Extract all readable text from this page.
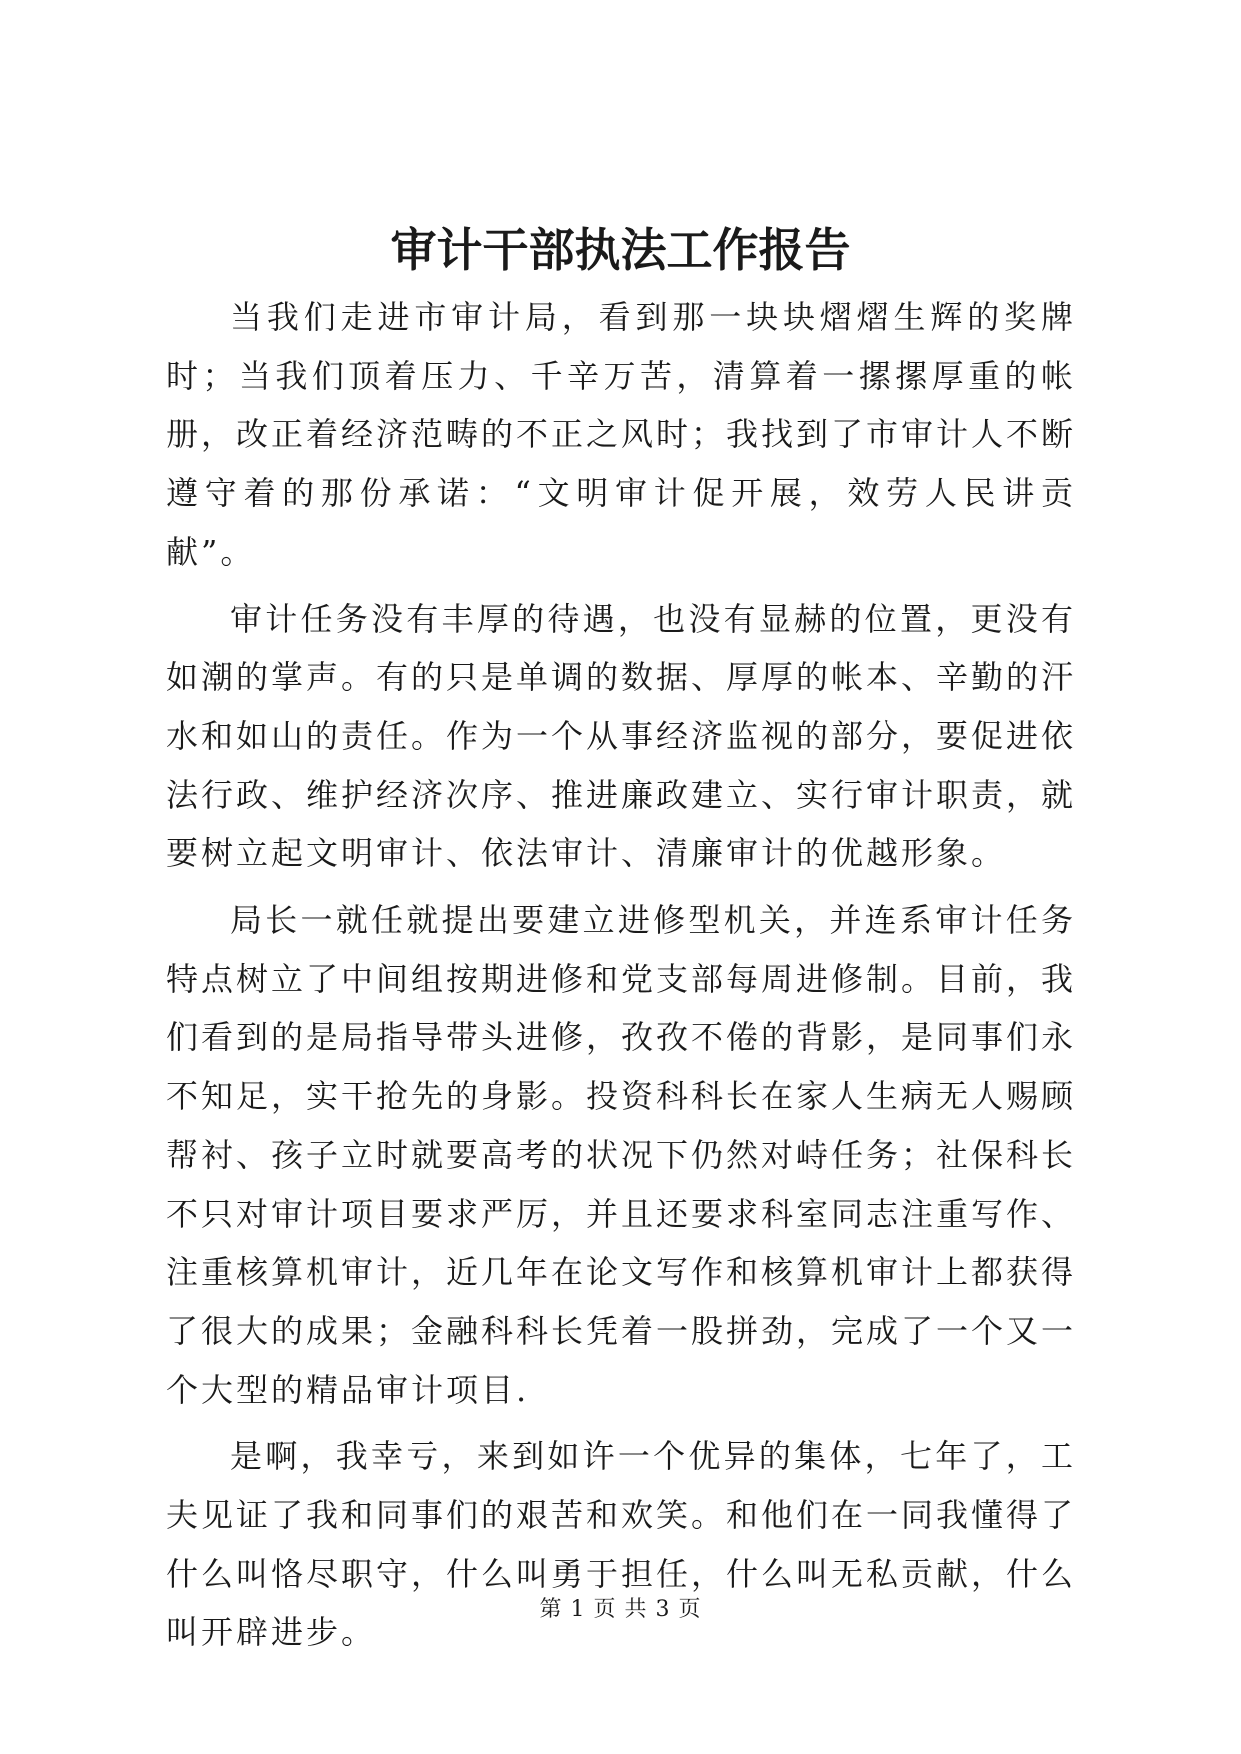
审计干部执法工作报告

当我们走进市审计局，看到那一块块熠熠生辉的奖牌时；当我们顶着压力、千辛万苦，清算着一摞摞厚重的帐册，改正着经济范畴的不正之风时；我找到了市审计人不断遵守着的那份承诺：“文明审计促开展，效劳人民讲贡献”。

审计任务没有丰厚的待遇，也没有显赫的位置，更没有如潮的掌声。有的只是单调的数据、厚厚的帐本、辛勤的汗水和如山的责任。作为一个从事经济监视的部分，要促进依法行政、维护经济次序、推进廉政建立、实行审计职责，就要树立起文明审计、依法审计、清廉审计的优越形象。

局长一就任就提出要建立进修型机关，并连系审计任务特点树立了中间组按期进修和党支部每周进修制。目前，我们看到的是局指导带头进修，孜孜不倦的背影，是同事们永不知足，实干抢先的身影。投资科科长在家人生病无人赐顾帮衬、孩子立时就要高考的状况下仍然对峙任务；社保科长不只对审计项目要求严厉，并且还要求科室同志注重写作、注重核算机审计，近几年在论文写作和核算机审计上都获得了很大的成果；金融科科长凭着一股拼劲，完成了一个又一个大型的精品审计项目.

是啊，我幸亏，来到如许一个优异的集体，七年了，工夫见证了我和同事们的艰苦和欢笑。和他们在一同我懂得了什么叫恪尽职守，什么叫勇于担任，什么叫无私贡献，什么叫开辟进步。

第 1 页 共 3 页
